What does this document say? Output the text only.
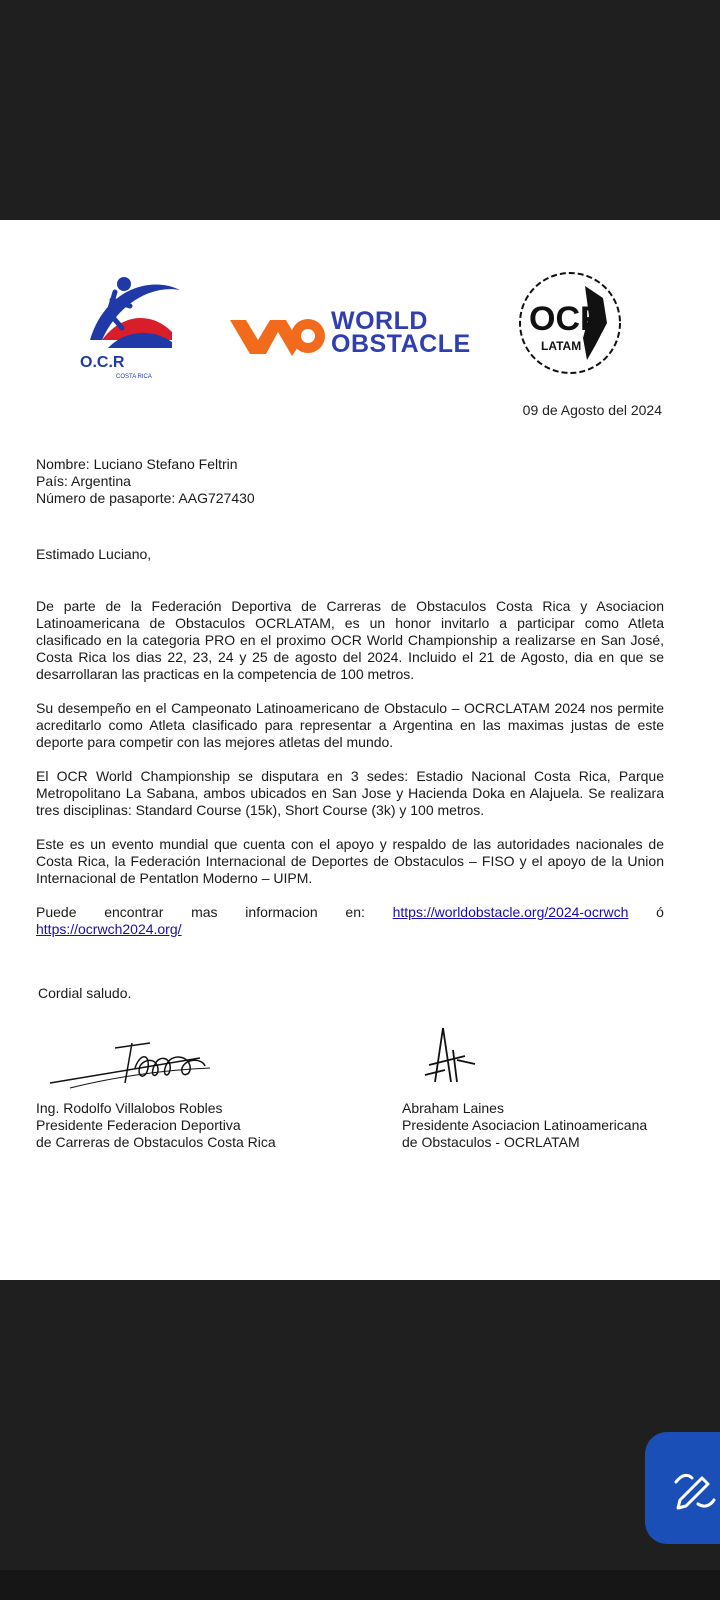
O.C.R
COSTA RICA
WORLD
OBSTACLE
OCR
LATAM
09 de Agosto del 2024
Nombre: Luciano Stefano Feltrin
País: Argentina
Número de pasaporte: AAG727430
Estimado Luciano,

De parte de la Federación Deportiva de Carreras de Obstaculos Costa Rica y Asociacion Latinoamericana de Obstaculos OCRLATAM, es un honor invitarlo a participar como Atleta clasificado en la categoria PRO en el proximo OCR World Championship a realizarse en San José, Costa Rica los dias 22, 23, 24 y 25 de agosto del 2024. Incluido el 21 de Agosto, dia en que se desarrollaran las practicas en la competencia de 100 metros.

Su desempeño en el Campeonato Latinoamericano de Obstaculo – OCRCLATAM 2024 nos permite acreditarlo como Atleta clasificado para representar a Argentina en las maximas justas de este deporte para competir con las mejores atletas del mundo.

El OCR World Championship se disputara en 3 sedes: Estadio Nacional Costa Rica, Parque Metropolitano La Sabana, ambos ubicados en San Jose y Hacienda Doka en Alajuela. Se realizara tres disciplinas: Standard Course (15k), Short Course (3k) y 100 metros.

Este es un evento mundial que cuenta con el apoyo y respaldo de las autoridades nacionales de Costa Rica, la Federación Internacional de Deportes de Obstaculos – FISO y el apoyo de la Union Internacional de Pentatlon Moderno – UIPM.

Puede encontrar mas informacion en: https://worldobstacle.org/2024-ocrwch ó
https://ocrwch2024.org/
Cordial saludo.
Ing. Rodolfo Villalobos Robles
Presidente Federacion Deportiva
de Carreras de Obstaculos Costa Rica
Abraham Laines
Presidente Asociacion Latinoamericana
de Obstaculos - OCRLATAM
